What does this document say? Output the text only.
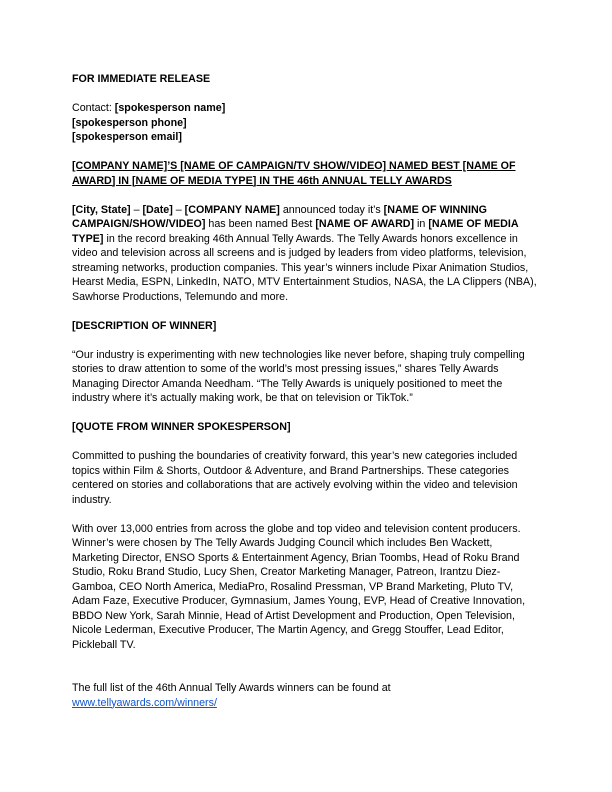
FOR IMMEDIATE RELEASE

Contact: [spokesperson name]

[spokesperson phone]

[spokesperson email]

[COMPANY NAME]’S [NAME OF CAMPAIGN/TV SHOW/VIDEO] NAMED BEST [NAME OF AWARD] IN [NAME OF MEDIA TYPE] IN THE 46th ANNUAL TELLY AWARDS

[City, State] – [Date] – [COMPANY NAME] announced today it’s [NAME OF WINNING CAMPAIGN/SHOW/VIDEO] has been named Best [NAME OF AWARD] in [NAME OF MEDIA TYPE] in the record breaking 46th Annual Telly Awards. The Telly Awards honors excellence in video and television across all screens and is judged by leaders from video platforms, television, streaming networks, production companies. This year’s winners include Pixar Animation Studios, Hearst Media, ESPN, LinkedIn, NATO, MTV Entertainment Studios, NASA, the LA Clippers (NBA), Sawhorse Productions, Telemundo and more.

[DESCRIPTION OF WINNER]

“Our industry is experimenting with new technologies like never before, shaping truly compelling stories to draw attention to some of the world’s most pressing issues,” shares Telly Awards Managing Director Amanda Needham. “The Telly Awards is uniquely positioned to meet the industry where it’s actually making work, be that on television or TikTok.”

[QUOTE FROM WINNER SPOKESPERSON]

Committed to pushing the boundaries of creativity forward, this year’s new categories included topics within Film & Shorts, Outdoor & Adventure, and Brand Partnerships. These categories centered on stories and collaborations that are actively evolving within the video and television industry.

With over 13,000 entries from across the globe and top video and television content producers. Winner’s were chosen by The Telly Awards Judging Council which includes Ben Wackett, Marketing Director, ENSO Sports & Entertainment Agency, Brian Toombs, Head of Roku Brand Studio, Roku Brand Studio, Lucy Shen, Creator Marketing Manager, Patreon, Irantzu Diez-Gamboa, CEO North America, MediaPro, Rosalind Pressman, VP Brand Marketing, Pluto TV, Adam Faze, Executive Producer, Gymnasium, James Young, EVP, Head of Creative Innovation, BBDO New York, Sarah Minnie, Head of Artist Development and Production, Open Television, Nicole Lederman, Executive Producer, The Martin Agency, and Gregg Stouffer, Lead Editor, Pickleball TV.

The full list of the 46th Annual Telly Awards winners can be found at

www.tellyawards.com/winners/
